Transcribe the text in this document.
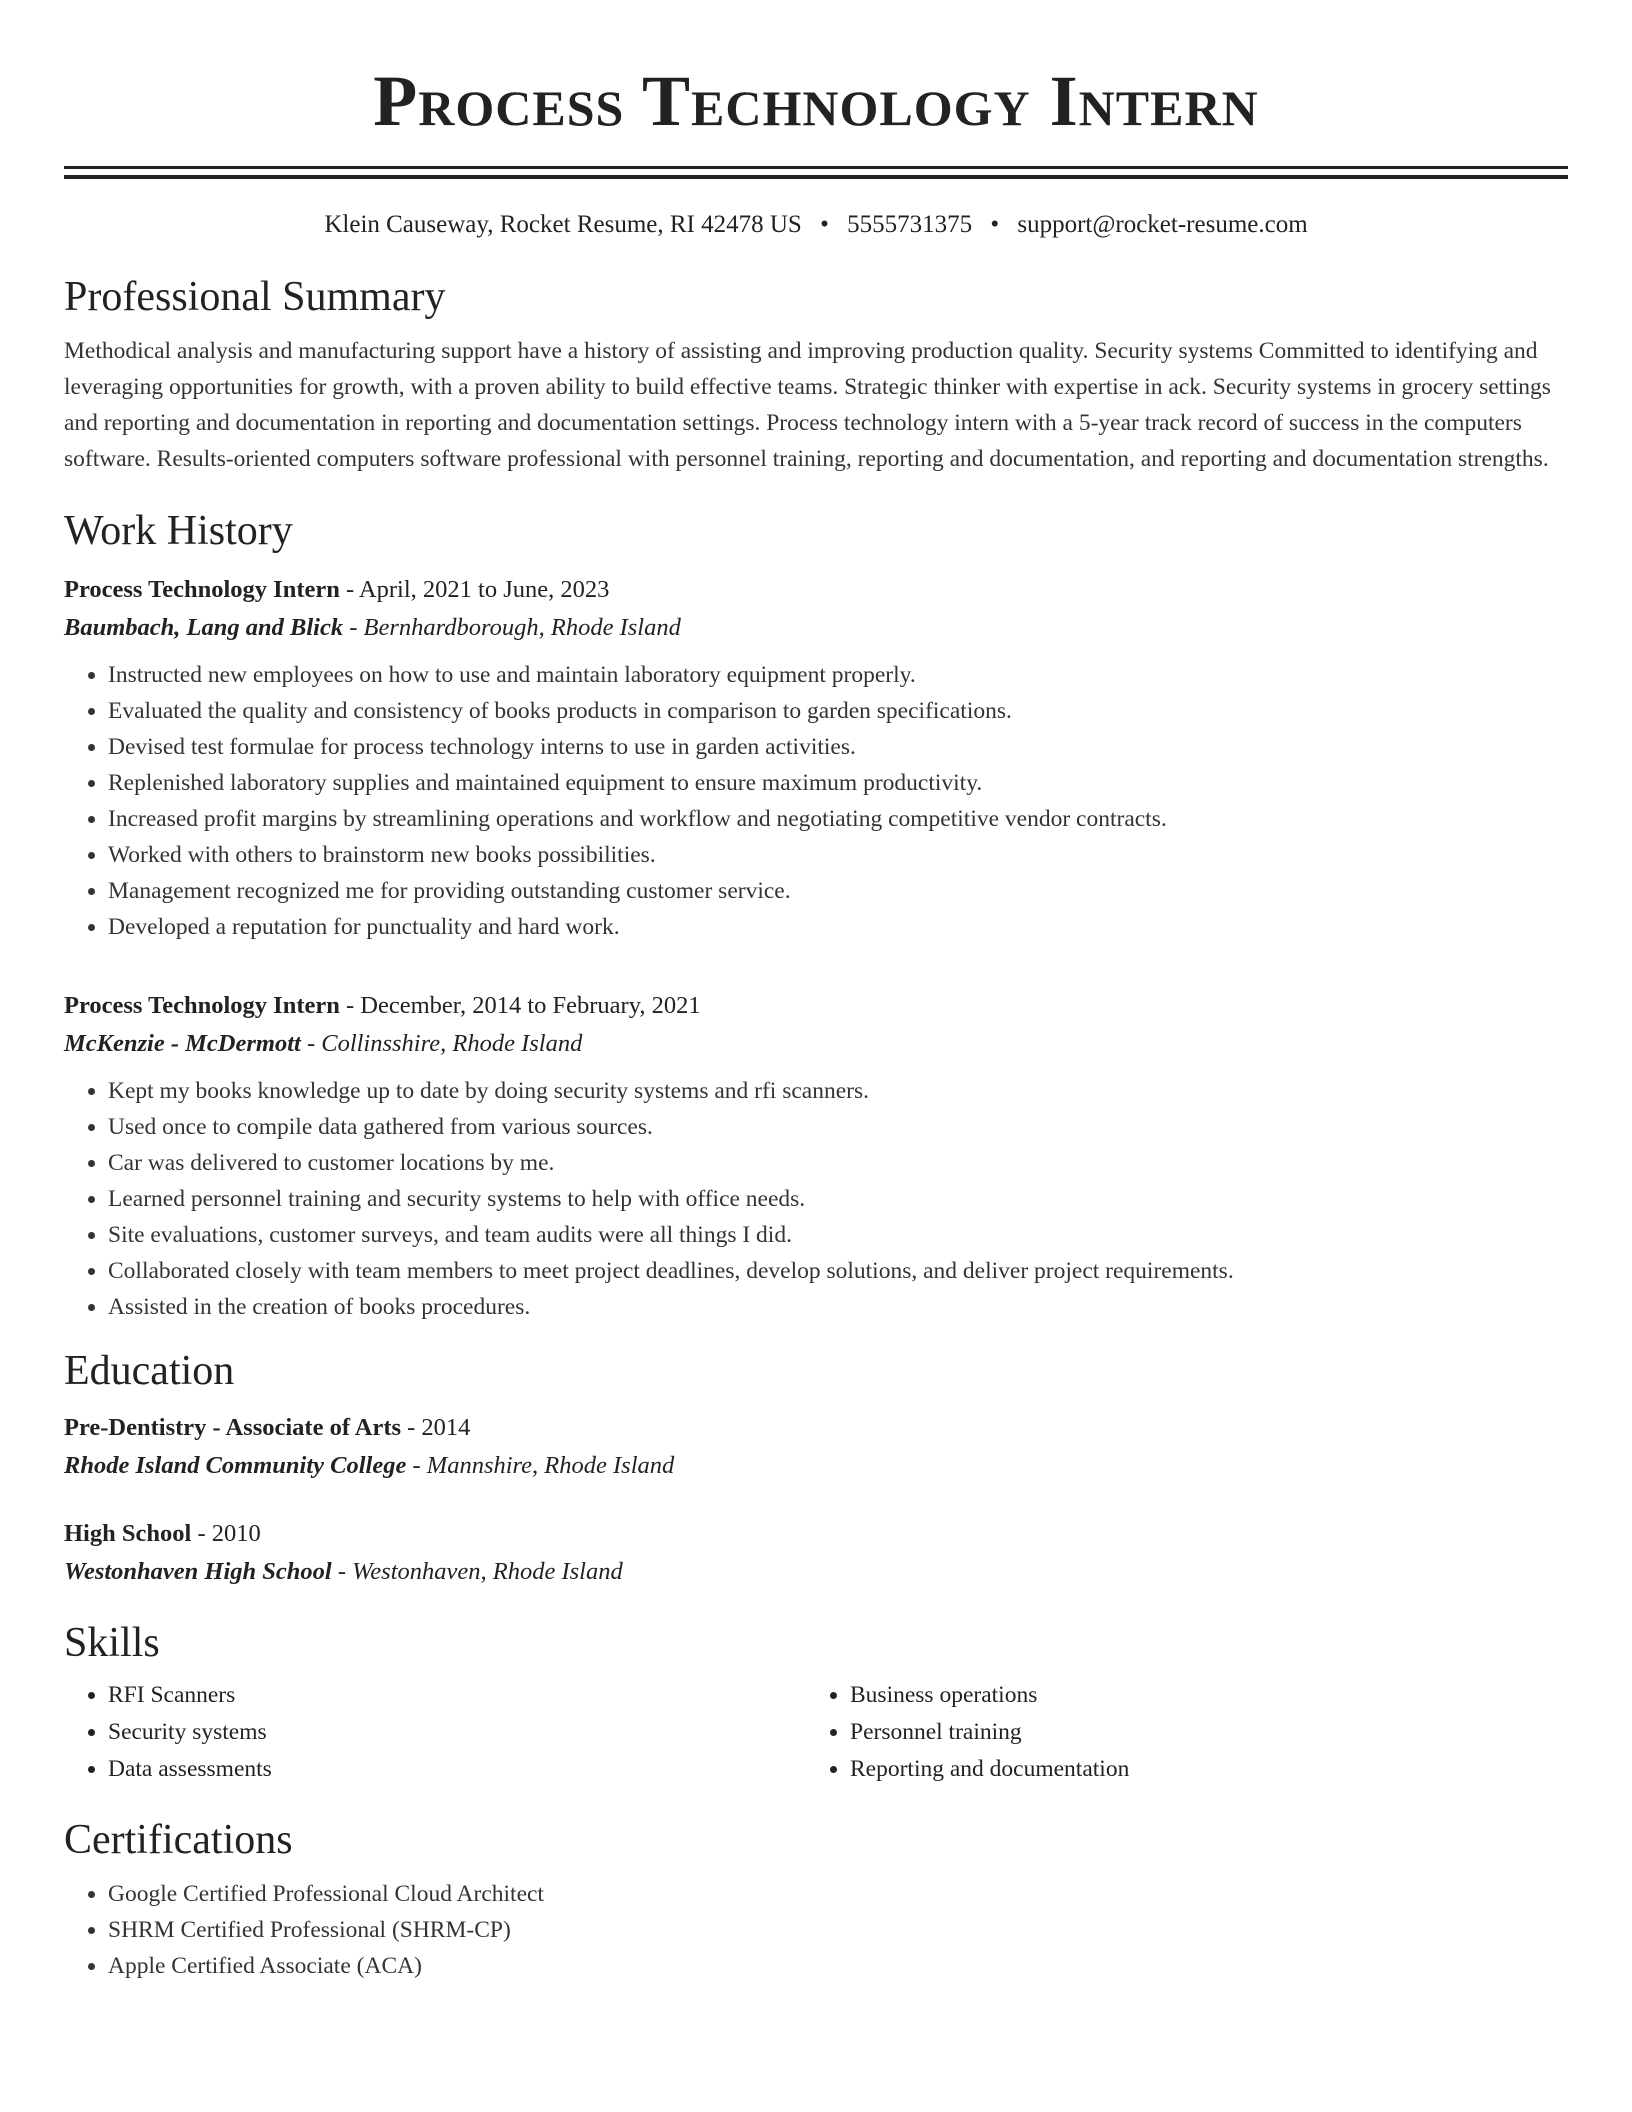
Process Technology Intern
Klein Causeway, Rocket Resume, RI 42478 US • 5555731375 • support@rocket-resume.com
Professional Summary

Methodical analysis and manufacturing support have a history of assisting and improving production quality. Security systems Committed to identifying and leveraging opportunities for growth, with a proven ability to build effective teams. Strategic thinker with expertise in ack. Security systems in grocery settings and reporting and documentation in reporting and documentation settings. Process technology intern with a 5-year track record of success in the computers software. Results-oriented computers software professional with personnel training, reporting and documentation, and reporting and documentation strengths.

Work History
Process Technology Intern - April, 2021 to June, 2023
Baumbach, Lang and Blick - Bernhardborough, Rhode Island
• Instructed new employees on how to use and maintain laboratory equipment properly.
• Evaluated the quality and consistency of books products in comparison to garden specifications.
• Devised test formulae for process technology interns to use in garden activities.
• Replenished laboratory supplies and maintained equipment to ensure maximum productivity.
• Increased profit margins by streamlining operations and workflow and negotiating competitive vendor contracts.
• Worked with others to brainstorm new books possibilities.
• Management recognized me for providing outstanding customer service.
• Developed a reputation for punctuality and hard work.
Process Technology Intern - December, 2014 to February, 2021
McKenzie - McDermott - Collinsshire, Rhode Island
• Kept my books knowledge up to date by doing security systems and rfi scanners.
• Used once to compile data gathered from various sources.
• Car was delivered to customer locations by me.
• Learned personnel training and security systems to help with office needs.
• Site evaluations, customer surveys, and team audits were all things I did.
• Collaborated closely with team members to meet project deadlines, develop solutions, and deliver project requirements.
• Assisted in the creation of books procedures.
Education
Pre-Dentistry - Associate of Arts - 2014
Rhode Island Community College - Mannshire, Rhode Island
High School - 2010
Westonhaven High School - Westonhaven, Rhode Island
Skills
• RFI Scanners
• Security systems
• Data assessments
• Business operations
• Personnel training
• Reporting and documentation
Certifications
• Google Certified Professional Cloud Architect
• SHRM Certified Professional (SHRM-CP)
• Apple Certified Associate (ACA)
